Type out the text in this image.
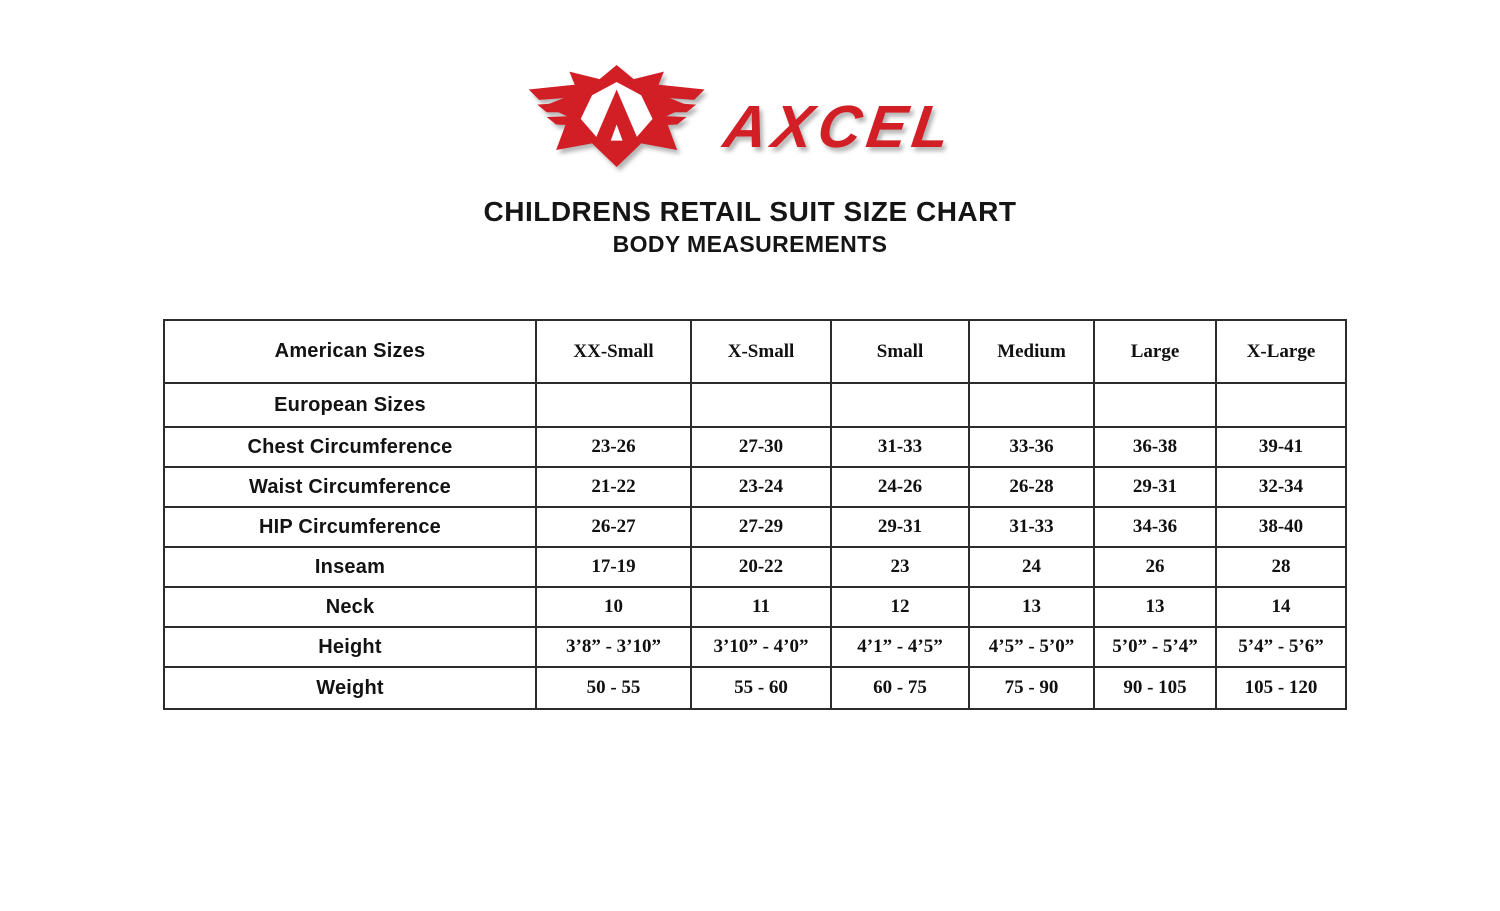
AXCEL
CHILDRENS RETAIL SUIT SIZE CHART
BODY MEASUREMENTS
American Sizes	XX-Small	X-Small	Small	Medium	Large	X-Large
European Sizes						
Chest Circumference	23-26	27-30	31-33	33-36	36-38	39-41
Waist Circumference	21-22	23-24	24-26	26-28	29-31	32-34
HIP Circumference	26-27	27-29	29-31	31-33	34-36	38-40
Inseam	17-19	20-22	23	24	26	28
Neck	10	11	12	13	13	14
Height	3’8” - 3’10”	3’10” - 4’0”	4’1” - 4’5”	4’5” - 5’0”	5’0” - 5’4”	5’4” - 5’6”
Weight	50 - 55	55 - 60	60 - 75	75 - 90	90 - 105	105 - 120
